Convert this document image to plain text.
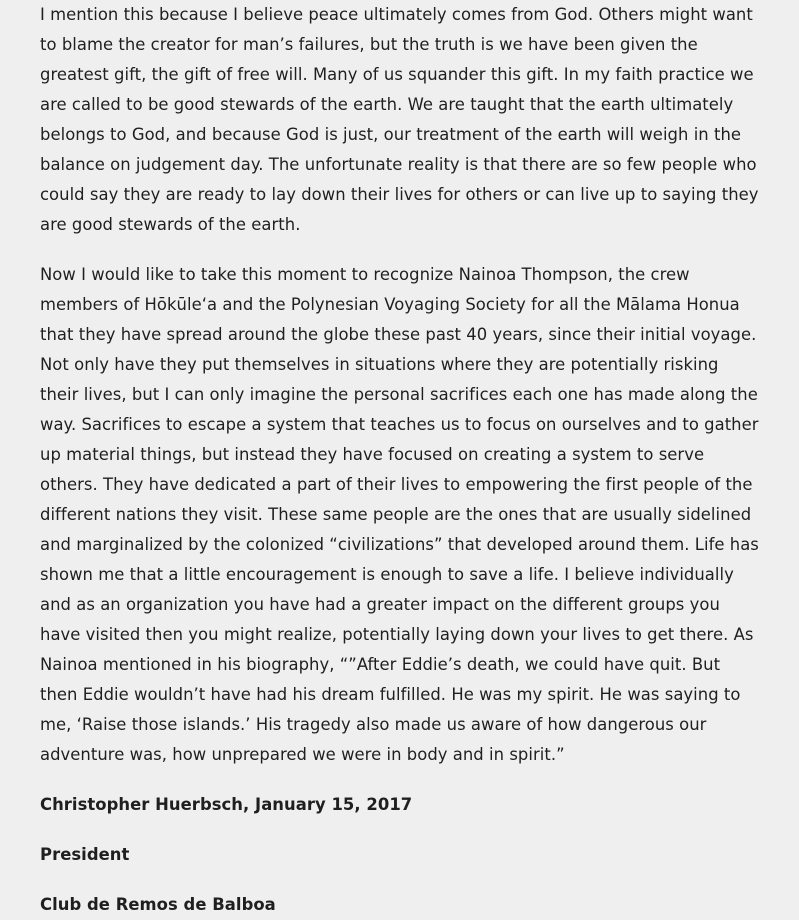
I mention this because I believe peace ultimately comes from God. Others might want to blame the creator for man’s failures, but the truth is we have been given the greatest gift, the gift of free will. Many of us squander this gift. In my faith practice we are called to be good stewards of the earth. We are taught that the earth ultimately belongs to God, and because God is just, our treatment of the earth will weigh in the balance on judgement day. The unfortunate reality is that there are so few people who could say they are ready to lay down their lives for others or can live up to saying they are good stewards of the earth.

Now I would like to take this moment to recognize Nainoa Thompson, the crew members of Hōkūleʻa and the Polynesian Voyaging Society for all the Mālama Honua that they have spread around the globe these past 40 years, since their initial voyage. Not only have they put themselves in situations where they are potentially risking their lives, but I can only imagine the personal sacrifices each one has made along the way. Sacrifices to escape a system that teaches us to focus on ourselves and to gather up material things, but instead they have focused on creating a system to serve others. They have dedicated a part of their lives to empowering the first people of the different nations they visit. These same people are the ones that are usually sidelined and marginalized by the colonized “civilizations” that developed around them. Life has shown me that a little encouragement is enough to save a life. I believe individually and as an organization you have had a greater impact on the different groups you have visited then you might realize, potentially laying down your lives to get there. As Nainoa mentioned in his biography, “”After Eddie’s death, we could have quit. But then Eddie wouldn’t have had his dream fulfilled. He was my spirit. He was saying to me, ‘Raise those islands.’ His tragedy also made us aware of how dangerous our adventure was, how unprepared we were in body and in spirit.”

Christopher Huerbsch, January 15, 2017

President

Club de Remos de Balboa
